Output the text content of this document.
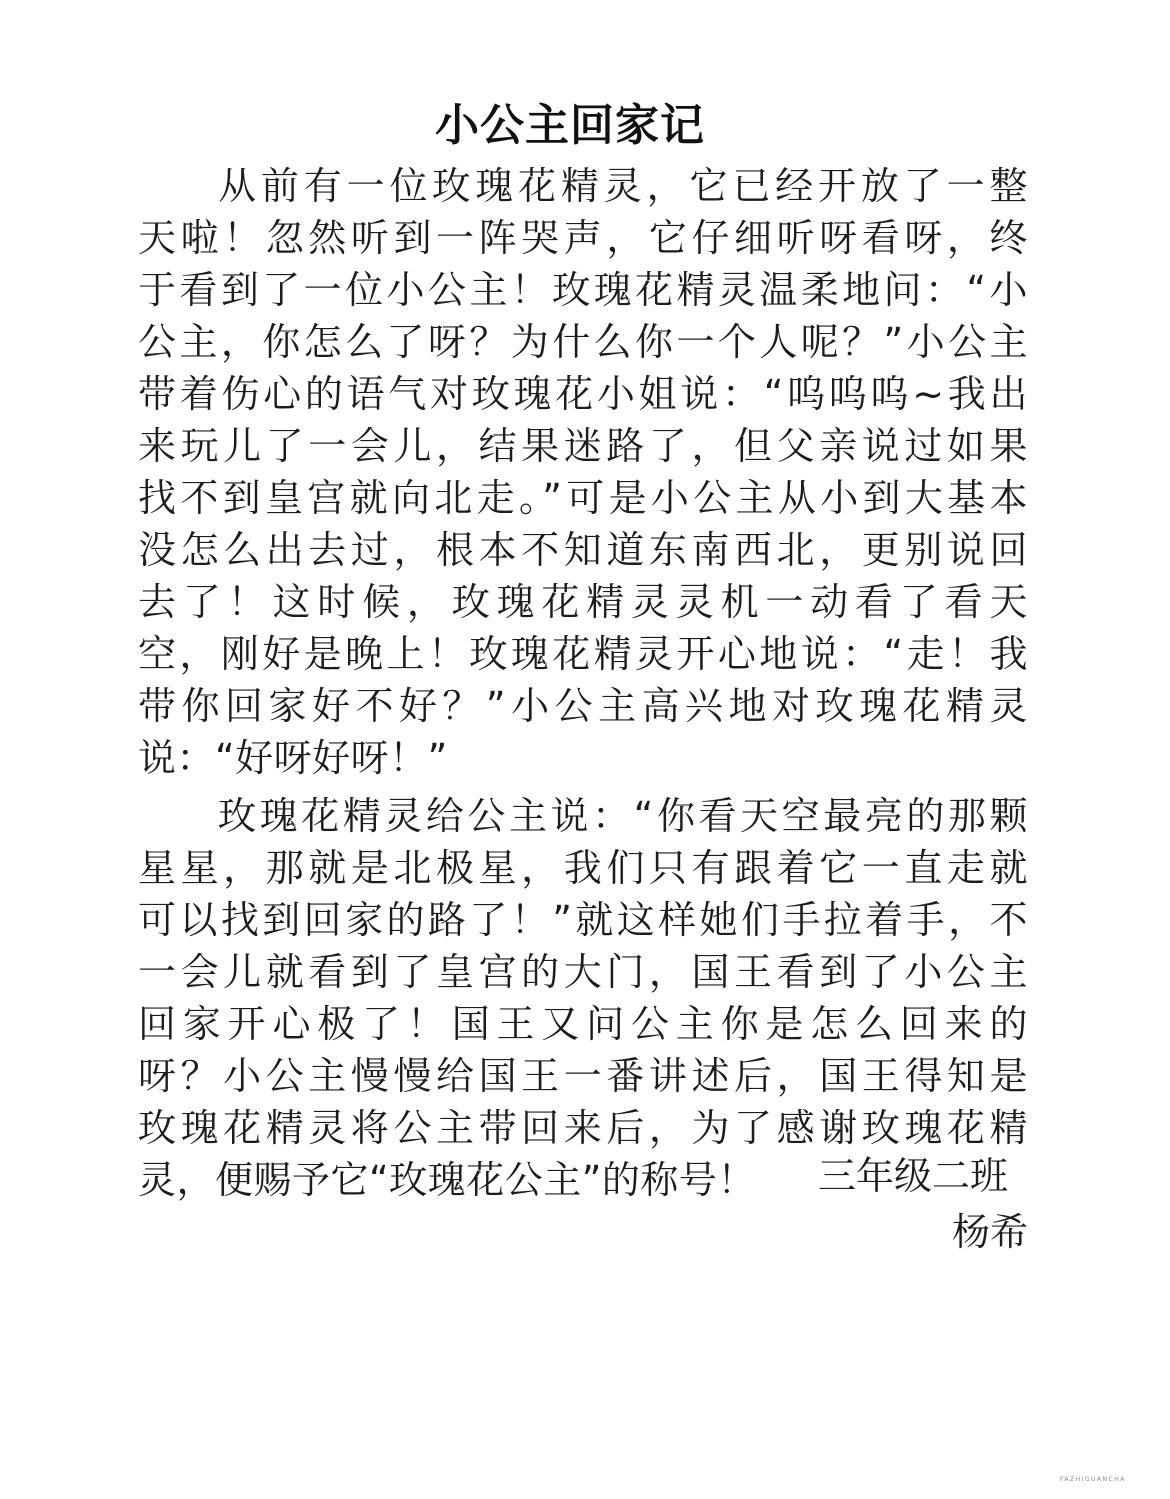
小公主回家记
从前有一位玫瑰花精灵，它已经开放了一整
天啦！忽然听到一阵哭声，它仔细听呀看呀，终
于看到了一位小公主！玫瑰花精灵温柔地问：“小
公主，你怎么了呀？为什么你一个人呢？”小公主
带着伤心的语气对玫瑰花小姐说：“呜呜呜~我出
来玩儿了一会儿，结果迷路了，但父亲说过如果
找不到皇宫就向北走。”可是小公主从小到大基本
没怎么出去过，根本不知道东南西北，更别说回
去了！这时候，玫瑰花精灵灵机一动看了看天
空，刚好是晚上！玫瑰花精灵开心地说：“走！我
带你回家好不好？”小公主高兴地对玫瑰花精灵
说：“好呀好呀！”
玫瑰花精灵给公主说：“你看天空最亮的那颗
星星，那就是北极星，我们只有跟着它一直走就
可以找到回家的路了！”就这样她们手拉着手，不
一会儿就看到了皇宫的大门，国王看到了小公主
回家开心极了！国王又问公主你是怎么回来的
呀？小公主慢慢给国王一番讲述后，国王得知是
玫瑰花精灵将公主带回来后，为了感谢玫瑰花精
灵，便赐予它“玫瑰花公主”的称号！	三年级二班
杨希
FAZHIGUANCHA
